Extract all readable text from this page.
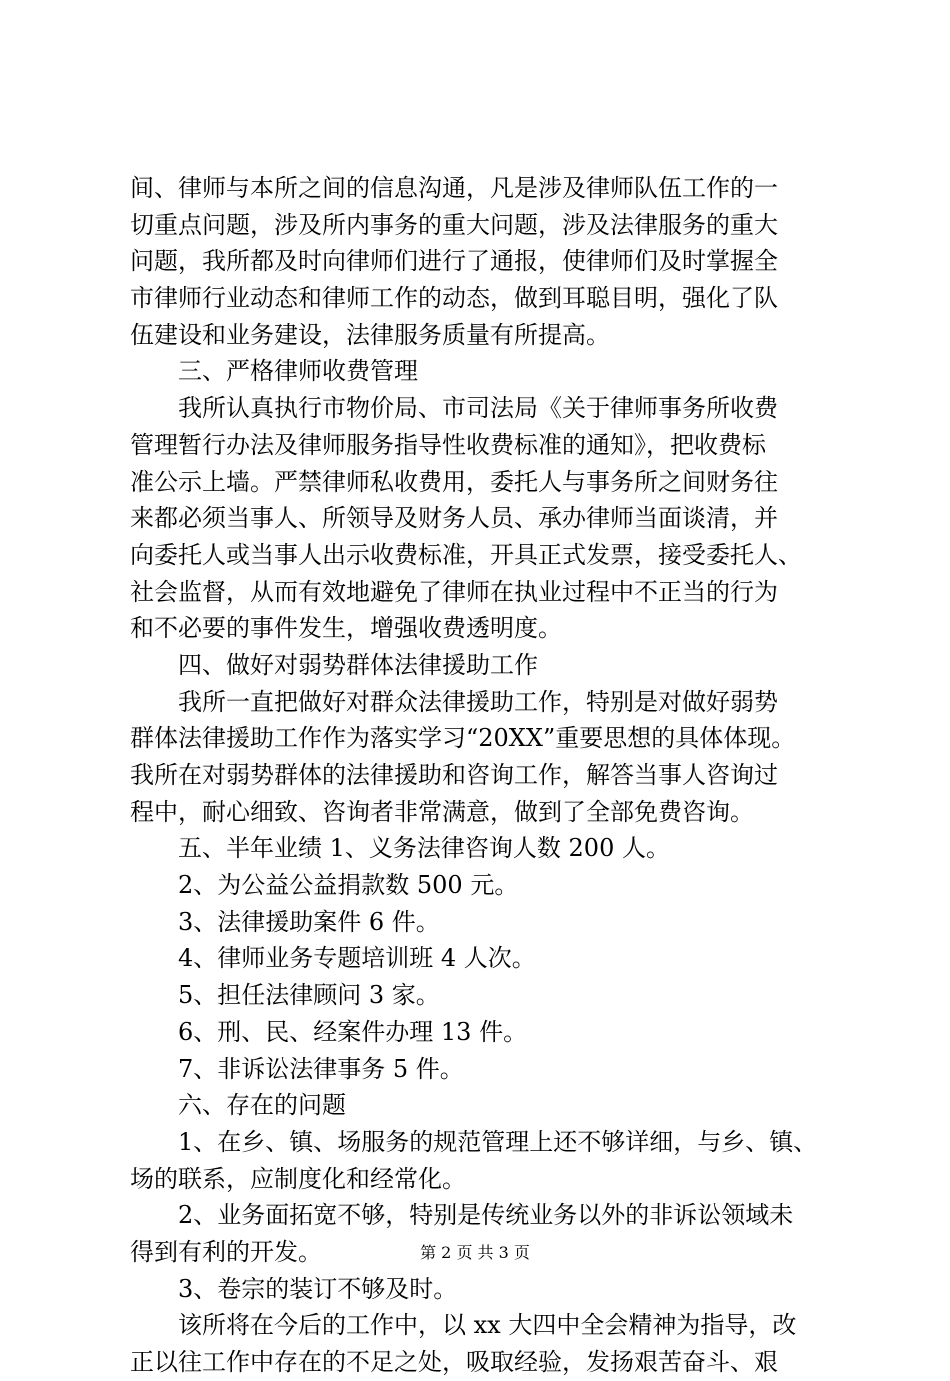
间、律师与本所之间的信息沟通，凡是涉及律师队伍工作的一
切重点问题，涉及所内事务的重大问题，涉及法律服务的重大
问题，我所都及时向律师们进行了通报，使律师们及时掌握全
市律师行业动态和律师工作的动态，做到耳聪目明，强化了队
伍建设和业务建设，法律服务质量有所提高。
三、严格律师收费管理
我所认真执行市物价局、市司法局《关于律师事务所收费
管理暂行办法及律师服务指导性收费标准的通知》，把收费标
准公示上墙。严禁律师私收费用，委托人与事务所之间财务往
来都必须当事人、所领导及财务人员、承办律师当面谈清，并
向委托人或当事人出示收费标准，开具正式发票，接受委托人、
社会监督，从而有效地避免了律师在执业过程中不正当的行为
和不必要的事件发生，增强收费透明度。
四、做好对弱势群体法律援助工作
我所一直把做好对群众法律援助工作，特别是对做好弱势
群体法律援助工作作为落实学习“20XX”重要思想的具体体现。
我所在对弱势群体的法律援助和咨询工作，解答当事人咨询过
程中，耐心细致、咨询者非常满意，做到了全部免费咨询。
五、半年业绩 1、义务法律咨询人数 200 人。
2、为公益公益捐款数 500 元。
3、法律援助案件 6 件。
4、律师业务专题培训班 4 人次。
5、担任法律顾问 3 家。
6、刑、民、经案件办理 13 件。
7、非诉讼法律事务 5 件。
六、存在的问题
1、在乡、镇、场服务的规范管理上还不够详细，与乡、镇、
场的联系，应制度化和经常化。
2、业务面拓宽不够，特别是传统业务以外的非诉讼领域未
得到有利的开发。
3、卷宗的装订不够及时。
该所将在今后的工作中，以 xx 大四中全会精神为指导，改
正以往工作中存在的不足之处，吸取经验，发扬艰苦奋斗、艰
第 2 页 共 3 页
